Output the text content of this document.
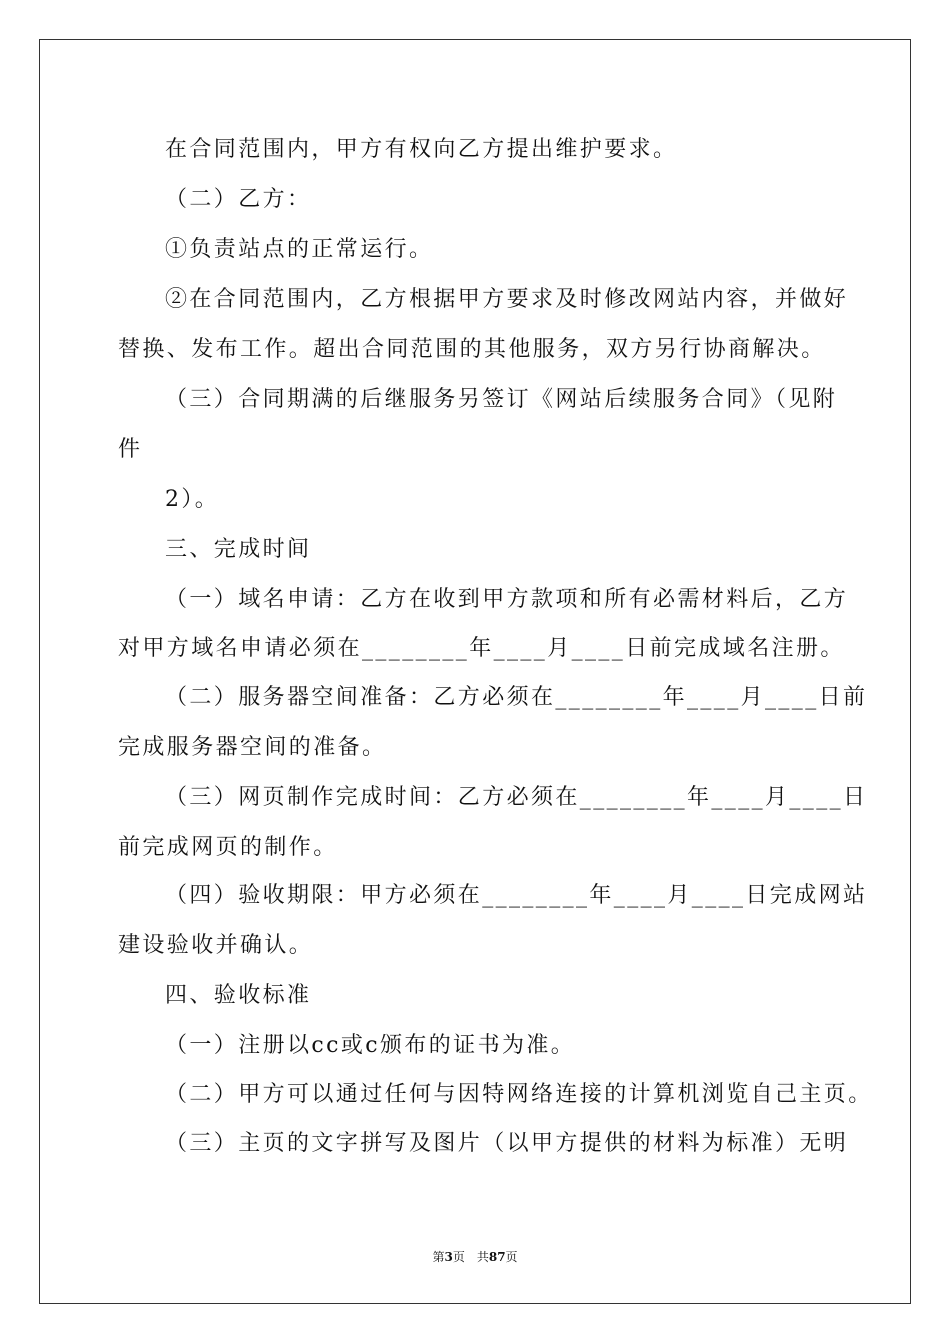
在合同范围内，甲方有权向乙方提出维护要求。
（二）乙方：
①负责站点的正常运行。
②在合同范围内，乙方根据甲方要求及时修改网站内容，并做好
替换、发布工作。超出合同范围的其他服务，双方另行协商解决。
（三）合同期满的后继服务另签订《网站后续服务合同》（见附
件
2）。
三、完成时间
（一）域名申请：乙方在收到甲方款项和所有必需材料后，乙方
对甲方域名申请必须在________年____月____日前完成域名注册。
（二）服务器空间准备：乙方必须在________年____月____日前
完成服务器空间的准备。
（三）网页制作完成时间：乙方必须在________年____月____日
前完成网页的制作。
（四）验收期限：甲方必须在________年____月____日完成网站
建设验收并确认。
四、验收标准
（一）注册以cc或c颁布的证书为准。
（二）甲方可以通过任何与因特网络连接的计算机浏览自己主页。
（三）主页的文字拼写及图片（以甲方提供的材料为标准）无明
第3页 共87页
